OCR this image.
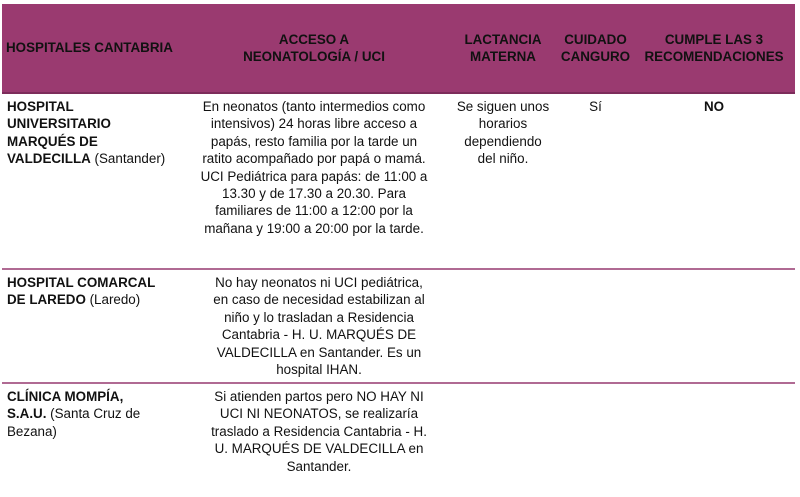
HOSPITALES CANTABRIA
ACCESO A
NEONATOLOGÍA / UCI
LACTANCIA
MATERNA
CUIDADO
CANGURO
CUMPLE LAS 3
RECOMENDACIONES
HOSPITAL
UNIVERSITARIO
MARQUÉS DE
VALDECILLA (Santander)
En neonatos (tanto intermedios como
intensivos) 24 horas libre acceso a
papás, resto familia por la tarde un
ratito acompañado por papá o mamá.
UCI Pediátrica para papás: de 11:00 a
13.30 y de 17.30 a 20.30. Para
familiares de 11:00 a 12:00 por la
mañana y 19:00 a 20:00 por la tarde.
Se siguen unos
horarios
dependiendo
del niño.
Sí	NO
HOSPITAL COMARCAL
DE LAREDO (Laredo)
No hay neonatos ni UCI pediátrica,
en caso de necesidad estabilizan al
niño y lo trasladan a Residencia
Cantabria - H. U. MARQUÉS DE
VALDECILLA en Santander. Es un
hospital IHAN.
CLÍNICA MOMPÍA,
S.A.U. (Santa Cruz de
Bezana)
Si atienden partos pero NO HAY NI
UCI NI NEONATOS, se realizaría
traslado a Residencia Cantabria - H.
U. MARQUÉS DE VALDECILLA en
Santander.
